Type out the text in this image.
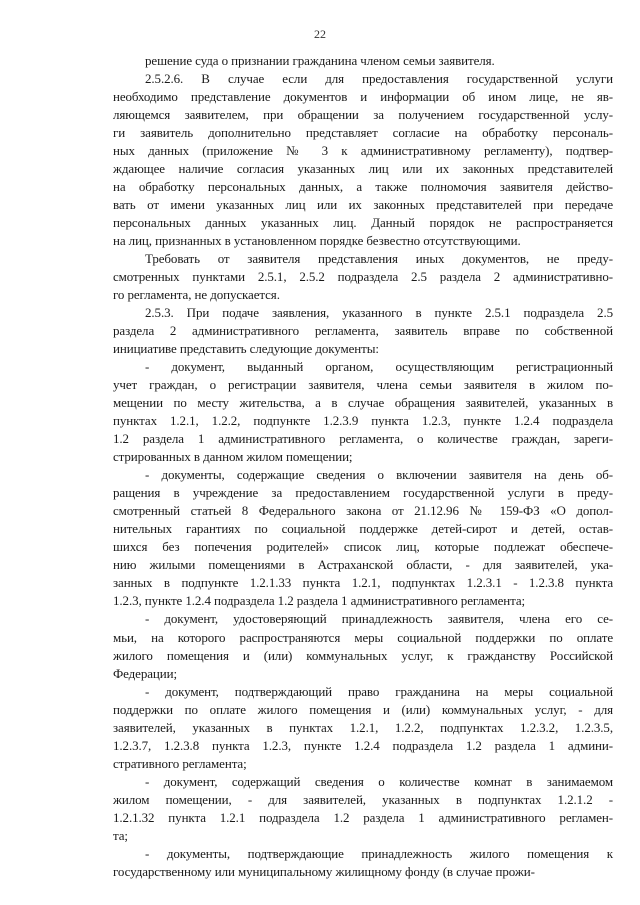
22
решение суда о признании гражданина членом семьи заявителя.
2.5.2.6. В случае если для предоставления государственной услуги
необходимо представление документов и информации об ином лице, не яв-
ляющемся заявителем, при обращении за получением государственной услу-
ги заявитель дополнительно представляет согласие на обработку персональ-
ных данных (приложение № 3 к административному регламенту), подтвер-
ждающее наличие согласия указанных лиц или их законных представителей
на обработку персональных данных, а также полномочия заявителя действо-
вать от имени указанных лиц или их законных представителей при передаче
персональных данных указанных лиц. Данный порядок не распространяется
на лиц, признанных в установленном порядке безвестно отсутствующими.
Требовать от заявителя представления иных документов, не преду-
смотренных пунктами 2.5.1, 2.5.2 подраздела 2.5 раздела 2 административно-
го регламента, не допускается.
2.5.3. При подаче заявления, указанного в пункте 2.5.1 подраздела 2.5
раздела 2 административного регламента, заявитель вправе по собственной
инициативе представить следующие документы:
- документ, выданный органом, осуществляющим регистрационный
учет граждан, о регистрации заявителя, члена семьи заявителя в жилом по-
мещении по месту жительства, а в случае обращения заявителей, указанных в
пунктах 1.2.1, 1.2.2, подпункте 1.2.3.9 пункта 1.2.3, пункте 1.2.4 подраздела
1.2 раздела 1 административного регламента, о количестве граждан, зареги-
стрированных в данном жилом помещении;
- документы, содержащие сведения о включении заявителя на день об-
ращения в учреждение за предоставлением государственной услуги в преду-
смотренный статьей 8 Федерального закона от 21.12.96 № 159-ФЗ «О допол-
нительных гарантиях по социальной поддержке детей-сирот и детей, остав-
шихся без попечения родителей» список лиц, которые подлежат обеспече-
нию жилыми помещениями в Астраханской области, - для заявителей, ука-
занных в подпункте 1.2.1.33 пункта 1.2.1, подпунктах 1.2.3.1 - 1.2.3.8 пункта
1.2.3, пункте 1.2.4 подраздела 1.2 раздела 1 административного регламента;
- документ, удостоверяющий принадлежность заявителя, члена его се-
мьи, на которого распространяются меры социальной поддержки по оплате
жилого помещения и (или) коммунальных услуг, к гражданству Российской
Федерации;
- документ, подтверждающий право гражданина на меры социальной
поддержки по оплате жилого помещения и (или) коммунальных услуг, - для
заявителей, указанных в пунктах 1.2.1, 1.2.2, подпунктах 1.2.3.2, 1.2.3.5,
1.2.3.7, 1.2.3.8 пункта 1.2.3, пункте 1.2.4 подраздела 1.2 раздела 1 админи-
стративного регламента;
- документ, содержащий сведения о количестве комнат в занимаемом
жилом помещении, - для заявителей, указанных в подпунктах 1.2.1.2 -
1.2.1.32 пункта 1.2.1 подраздела 1.2 раздела 1 административного регламен-
та;
- документы, подтверждающие принадлежность жилого помещения к
государственному или муниципальному жилищному фонду (в случае прожи-
